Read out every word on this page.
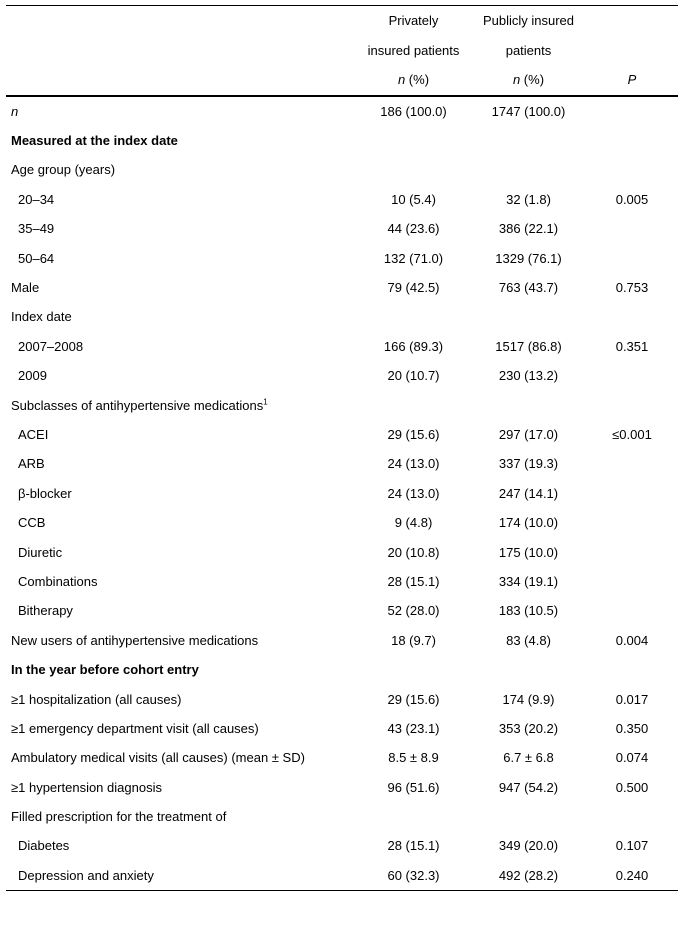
	Privately	Publicly insured	
	insured patients	patients	
	n (%)	n (%)	P
n	186 (100.0)	1747 (100.0)	
Measured at the index date			
Age group (years)			
20–34	10 (5.4)	32 (1.8)	0.005
35–49	44 (23.6)	386 (22.1)	
50–64	132 (71.0)	1329 (76.1)	
Male	79 (42.5)	763 (43.7)	0.753
Index date			
2007–2008	166 (89.3)	1517 (86.8)	0.351
2009	20 (10.7)	230 (13.2)	
Subclasses of antihypertensive medications$^1$			
ACEI	29 (15.6)	297 (17.0)	≤0.001
ARB	24 (13.0)	337 (19.3)	
β-blocker	24 (13.0)	247 (14.1)	
CCB	9 (4.8)	174 (10.0)	
Diuretic	20 (10.8)	175 (10.0)	
Combinations	28 (15.1)	334 (19.1)	
Bitherapy	52 (28.0)	183 (10.5)	
New users of antihypertensive medications	18 (9.7)	83 (4.8)	0.004
In the year before cohort entry			
≥1 hospitalization (all causes)	29 (15.6)	174 (9.9)	0.017
≥1 emergency department visit (all causes)	43 (23.1)	353 (20.2)	0.350
Ambulatory medical visits (all causes) (mean ± SD)	8.5 ± 8.9	6.7 ± 6.8	0.074
≥1 hypertension diagnosis	96 (51.6)	947 (54.2)	0.500
Filled prescription for the treatment of			
Diabetes	28 (15.1)	349 (20.0)	0.107
Depression and anxiety	60 (32.3)	492 (28.2)	0.240
